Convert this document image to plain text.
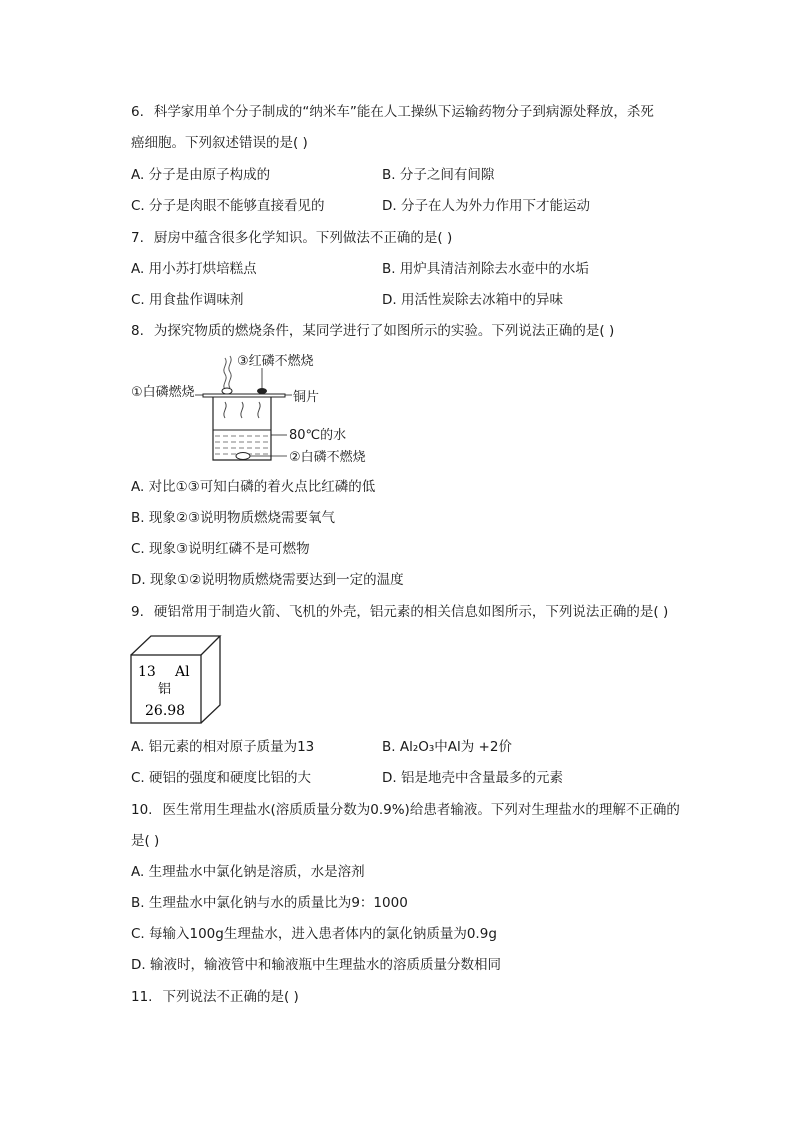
6. 科学家用单个分子制成的“纳米车”能在人工操纵下运输药物分子到病源处释放，杀死
癌细胞。下列叙述错误的是( )
A. 分子是由原子构成的	B. 分子之间有间隙
C. 分子是肉眼不能够直接看见的	D. 分子在人为外力作用下才能运动
7. 厨房中蕴含很多化学知识。下列做法不正确的是( )
A. 用小苏打烘培糕点	B. 用炉具清洁剂除去水壶中的水垢
C. 用食盐作调味剂	D. 用活性炭除去冰箱中的异味
8. 为探究物质的燃烧条件，某同学进行了如图所示的实验。下列说法正确的是( )
③红磷不燃烧
①白磷燃烧	铜片
80℃的水
②白磷不燃烧
A. 对比①③可知白磷的着火点比红磷的低
B. 现象②③说明物质燃烧需要氧气
C. 现象③说明红磷不是可燃物
D. 现象①②说明物质燃烧需要达到一定的温度
9. 硬铝常用于制造火箭、飞机的外壳，铝元素的相关信息如图所示，下列说法正确的是( )
13 Al
铝
26.98
A. 铝元素的相对原子质量为13	B. Al₂O₃中Al为 +2价
C. 硬铝的强度和硬度比铝的大	D. 铝是地壳中含量最多的元素
10. 医生常用生理盐水(溶质质量分数为0.9%)给患者输液。下列对生理盐水的理解不正确的
是( )
A. 生理盐水中氯化钠是溶质，水是溶剂
B. 生理盐水中氯化钠与水的质量比为9：1000
C. 每输入100g生理盐水，进入患者体内的氯化钠质量为0.9g
D. 输液时，输液管中和输液瓶中生理盐水的溶质质量分数相同
11. 下列说法不正确的是( )
